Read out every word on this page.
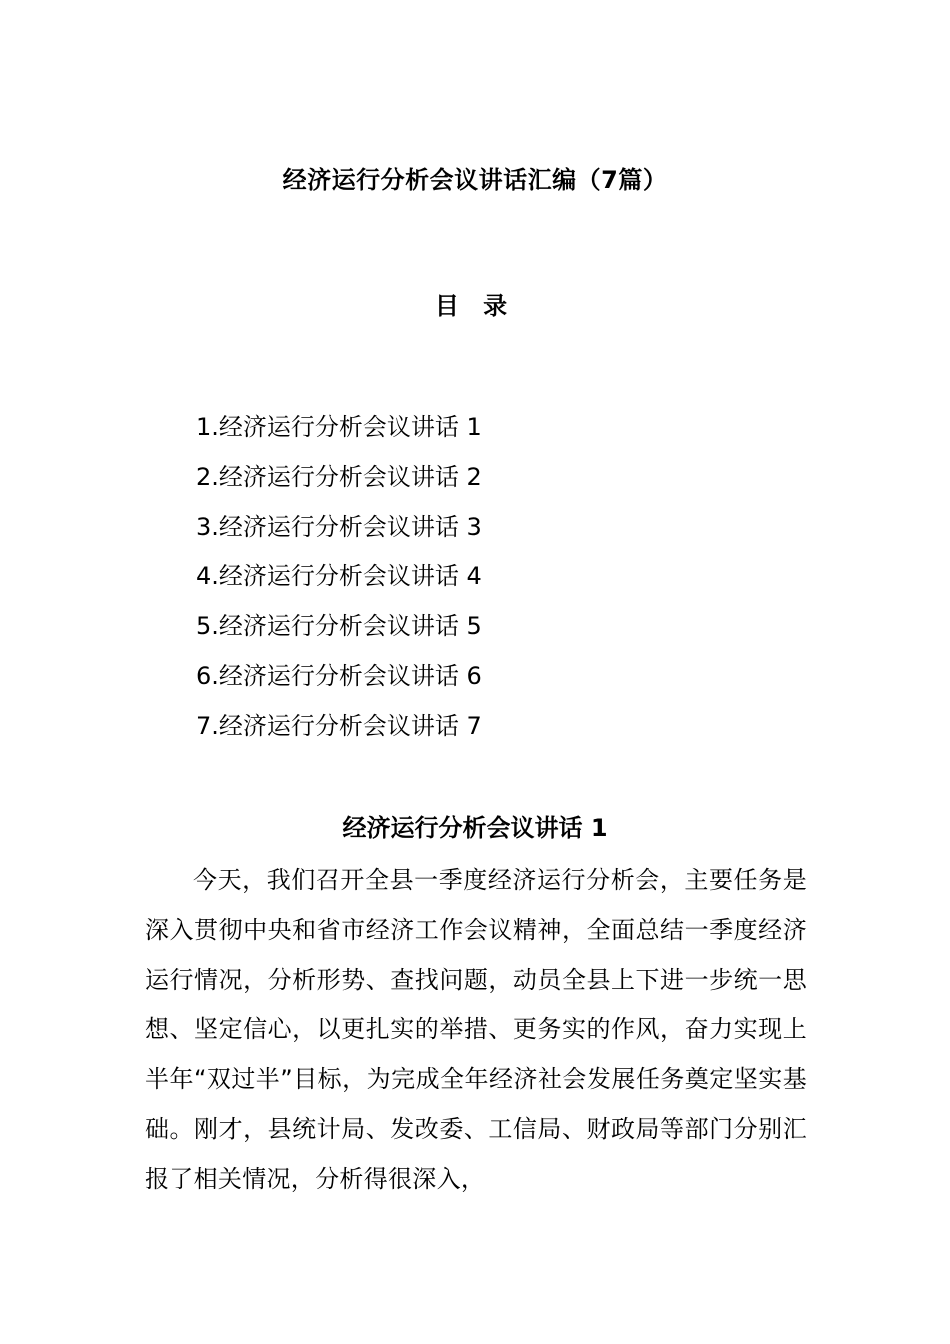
经济运行分析会议讲话汇编（7篇）
目 录
1.经济运行分析会议讲话 1
2.经济运行分析会议讲话 2
3.经济运行分析会议讲话 3
4.经济运行分析会议讲话 4
5.经济运行分析会议讲话 5
6.经济运行分析会议讲话 6
7.经济运行分析会议讲话 7
经济运行分析会议讲话 1

今天，我们召开全县一季度经济运行分析会，主要任务是深入贯彻中央和省市经济工作会议精神，全面总结一季度经济运行情况，分析形势、查找问题，动员全县上下进一步统一思想、坚定信心，以更扎实的举措、更务实的作风，奋力实现上半年“双过半”目标，为完成全年经济社会发展任务奠定坚实基础。刚才，县统计局、发改委、工信局、财政局等部门分别汇报了相关情况，分析得很深入，
